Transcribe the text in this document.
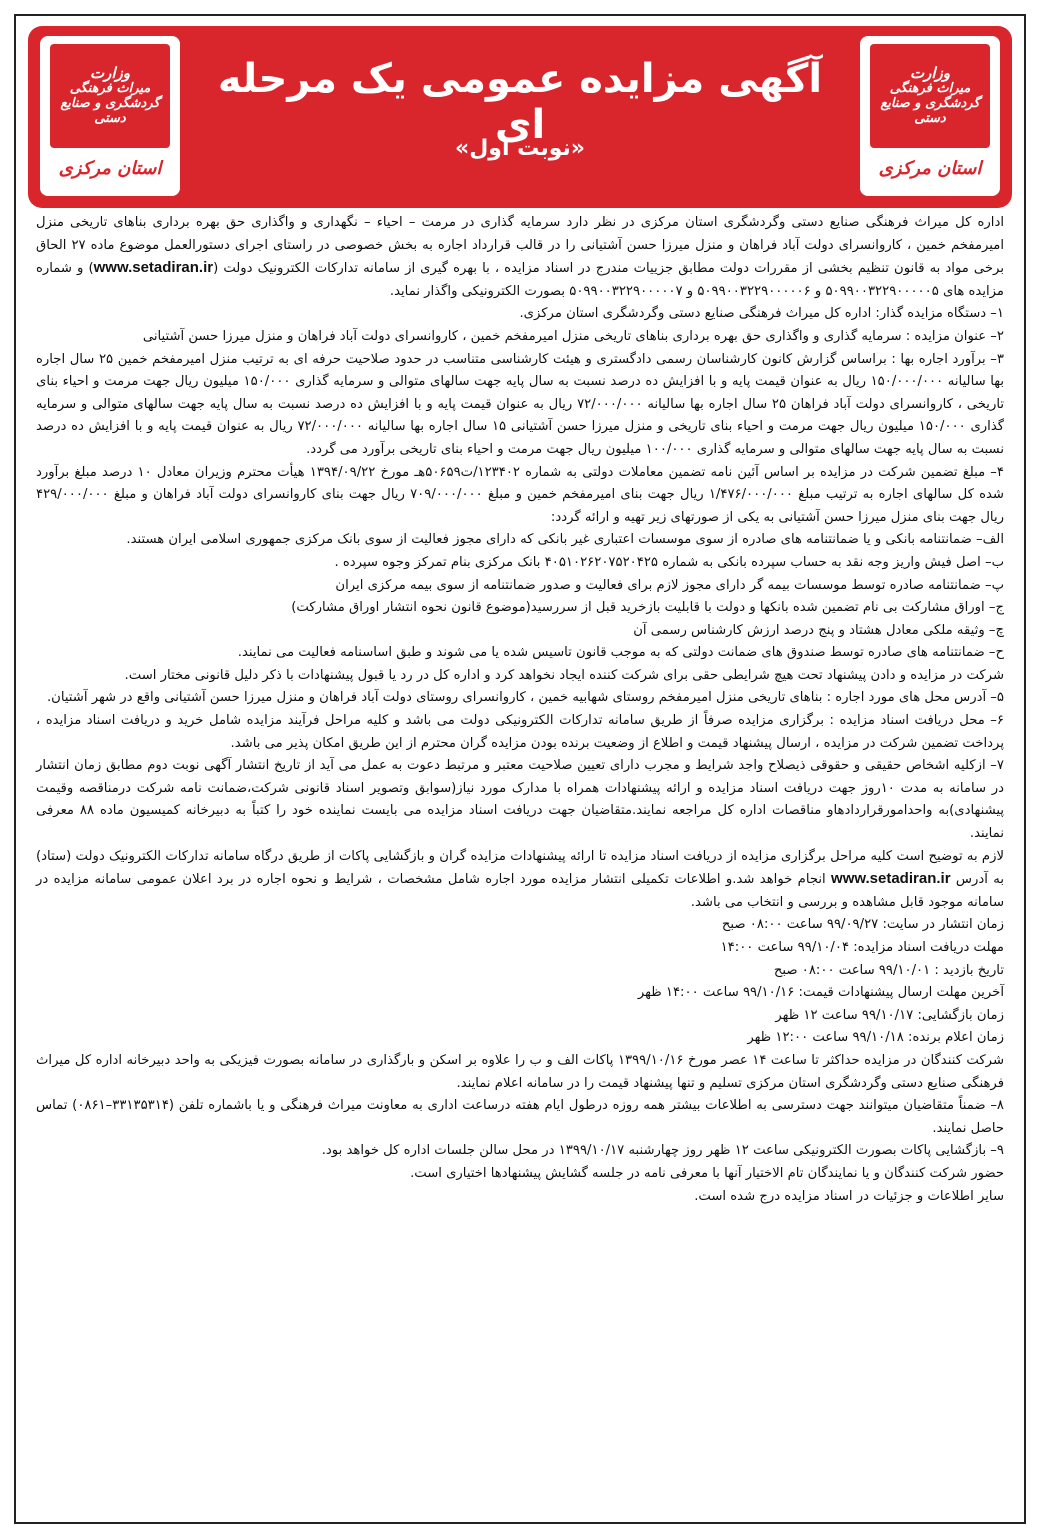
وزارت
میراث فرهنگی
گردشگری و صنایع دستی
استان مرکزی
آگهی مزایده عمومی یک مرحله ای
«نوبت اول»
وزارت
میراث فرهنگی
گردشگری و صنایع دستی
استان مرکزی

اداره کل میراث فرهنگی صنایع دستی وگردشگری استان مرکزی در نظر دارد سرمایه گذاری در مرمت – احیاء – نگهداری و واگذاری حق بهره برداری بناهای تاریخی منزل امیرمفخم خمین ، کاروانسرای دولت آباد فراهان و منزل میرزا حسن آشتیانی را در قالب قرارداد اجاره به بخش خصوصی در راستای اجرای دستورالعمل موضوع ماده ۲۷ الحاق برخی مواد به قانون تنظیم بخشی از مقررات دولت مطابق جزییات مندرج در اسناد مزایده ، با بهره گیری از سامانه تدارکات الکترونیک دولت (www.setadiran.ir) و شماره مزایده های ۵۰۹۹۰۰۳۲۲۹۰۰۰۰۰۵ و ۵۰۹۹۰۰۳۲۲۹۰۰۰۰۰۶ و ۵۰۹۹۰۰۳۲۲۹۰۰۰۰۰۷ بصورت الکترونیکی واگذار نمايد.

۱– دستگاه مزایده گذار: اداره کل میراث فرهنگی صنایع دستی وگردشگری استان مرکزی.

۲– عنوان مزایده : سرمایه گذاری و واگذاری حق بهره برداری بناهای تاریخی منزل امیرمفخم خمین ، کاروانسرای دولت آباد فراهان و منزل میرزا حسن آشتیانی

۳– برآورد اجاره بها : براساس گزارش کانون کارشناسان رسمی دادگستری و هیئت کارشناسی متناسب در حدود صلاحیت حرفه ای به ترتیب منزل امیرمفخم خمین ۲۵ سال اجاره بها سالیانه ۱۵۰/۰۰۰/۰۰۰ ریال به عنوان قیمت پایه و با افزایش ده درصد نسبت به سال پایه جهت سالهای متوالی و سرمایه گذاری ۱۵۰/۰۰۰ میلیون ریال جهت مرمت و احیاء بنای تاریخی ، کاروانسرای دولت آباد فراهان ۲۵ سال اجاره بها سالیانه ۷۲/۰۰۰/۰۰۰ ریال به عنوان قیمت پایه و با افزایش ده درصد نسبت به سال پایه جهت سالهای متوالی و سرمایه گذاری ۱۵۰/۰۰۰ میلیون ریال جهت مرمت و احیاء بنای تاریخی و منزل میرزا حسن آشتیانی ۱۵ سال اجاره بها سالیانه ۷۲/۰۰۰/۰۰۰ ریال به عنوان قیمت پایه و با افزایش ده درصد نسبت به سال پایه جهت سالهای متوالی و سرمایه گذاری ۱۰۰/۰۰۰ میلیون ریال جهت مرمت و احیاء بنای تاریخی برآورد می گردد.

۴– مبلغ تضمین شرکت در مزایده بر اساس آئین نامه تضمین معاملات دولتی به شماره ۱۲۳۴۰۲/ت۵۰۶۵۹هـ مورخ ۱۳۹۴/۰۹/۲۲ هیأت محترم وزیران معادل ۱۰ درصد مبلغ برآورد شده کل سالهای اجاره به ترتیب مبلغ ۱/۴۷۶/۰۰۰/۰۰۰ ریال جهت بنای امیرمفخم خمین و مبلغ ۷۰۹/۰۰۰/۰۰۰ ریال جهت بنای کاروانسرای دولت آباد فراهان و مبلغ ۴۲۹/۰۰۰/۰۰۰ ریال جهت بنای منزل میرزا حسن آشتیانی به یکی از صورتهای زیر تهیه و ارائه گردد:

الف– ضمانتنامه بانکی و یا ضمانتنامه های صادره از سوی موسسات اعتباری غیر بانکی که دارای مجوز فعالیت از سوی بانک مرکزی جمهوری اسلامی ایران هستند.

ب– اصل فیش واریز وجه نقد به حساب سپرده بانکی به شماره ۴۰۵۱۰۲۶۲۰۷۵۲۰۴۲۵ بانک مرکزی بنام تمرکز وجوه سپرده .

پ– ضمانتنامه صادره توسط موسسات بیمه گر دارای مجوز لازم برای فعالیت و صدور ضمانتنامه از سوی بیمه مرکزی ایران

ج– اوراق مشارکت بی نام تضمین شده بانکها و دولت با قابلیت بازخرید قبل از سررسید(موضوع قانون نحوه انتشار اوراق مشارکت)

چ– وثیقه ملکی معادل هشتاد و پنج درصد ارزش کارشناس رسمی آن

ح– ضمانتنامه های صادره توسط صندوق های ضمانت دولتی که به موجب قانون تاسیس شده یا می شوند و طبق اساسنامه فعالیت می نمایند.

شرکت در مزایده و دادن پیشنهاد تحت هیچ شرایطی حقی برای شرکت کننده ایجاد نخواهد کرد و اداره کل در رد یا قبول پیشنهادات با ذکر دلیل قانونی مختار است.

۵– آدرس محل های مورد اجاره : بناهای تاریخی منزل امیرمفخم روستای شهابیه خمین ، کاروانسرای روستای دولت آباد فراهان و منزل میرزا حسن آشتیانی واقع در شهر آشتیان.

۶– محل دریافت اسناد مزایده : برگزاری مزایده صرفاً از طریق سامانه تدارکات الکترونیکی دولت می باشد و کلیه مراحل فرآیند مزایده شامل خرید و دریافت اسناد مزایده ، پرداخت تضمین شرکت در مزایده ، ارسال پیشنهاد قیمت و اطلاع از وضعیت برنده بودن مزایده گران محترم از این طریق امکان پذیر می باشد.

۷– ازکلیه اشخاص حقیقی و حقوقی ذیصلاح واجد شرایط و مجرب دارای تعیین صلاحیت معتبر و مرتبط دعوت به عمل می آید از تاریخ انتشار آگهی نوبت دوم مطابق زمان انتشار در سامانه به مدت ۱۰روز جهت دریافت اسناد مزایده و ارائه پیشنهادات همراه با مدارک مورد نیاز(سوابق وتصویر اسناد قانونی شرکت،ضمانت نامه شرکت درمناقصه وقیمت پیشنهادی)به واحدامورقراردادهاو مناقصات اداره کل مراجعه نمایند.متقاضیان جهت دریافت اسناد مزایده می بایست نماینده خود را کتباً به دبیرخانه کمیسیون ماده ۸۸ معرفی نمایند.

لازم به توضیح است کلیه مراحل برگزاری مزایده از دریافت اسناد مزایده تا ارائه پیشنهادات مزایده گران و بازگشایی پاکات از طریق درگاه سامانه تدارکات الکترونیک دولت (ستاد) به آدرس www.setadiran.ir انجام خواهد شد.و اطلاعات تکمیلی انتشار مزایده مورد اجاره شامل مشخصات ، شرایط و نحوه اجاره در برد اعلان عمومی سامانه مزایده در سامانه موجود قابل مشاهده و بررسی و انتخاب می باشد.

زمان انتشار در سایت: ۹۹/۰۹/۲۷ ساعت ۰۸:۰۰ صبح

مهلت دریافت اسناد مزایده: ۹۹/۱۰/۰۴ ساعت ۱۴:۰۰

تاریخ بازدید : ۹۹/۱۰/۰۱ ساعت ۰۸:۰۰ صبح

آخرین مهلت ارسال پیشنهادات قیمت: ۹۹/۱۰/۱۶ ساعت ۱۴:۰۰ ظهر

زمان بازگشایی: ۹۹/۱۰/۱۷ ساعت ۱۲ ظهر

زمان اعلام برنده: ۹۹/۱۰/۱۸ ساعت ۱۲:۰۰ ظهر

شرکت کنندگان در مزایده حداکثر تا ساعت ۱۴ عصر مورخ ۱۳۹۹/۱۰/۱۶ پاکات الف و ب را علاوه بر اسکن و بارگذاری در سامانه بصورت فیزیکی به واحد دبیرخانه اداره کل میراث فرهنگی صنایع دستی وگردشگری استان مرکزی تسلیم و تنها پیشنهاد قیمت را در سامانه اعلام نمایند.

۸– ضمناً متقاضیان میتوانند جهت دسترسی به اطلاعات بیشتر همه روزه درطول ایام هفته درساعت اداری به معاونت میراث فرهنگی و یا باشماره تلفن (۳۳۱۳۵۳۱۴–۰۸۶۱) تماس حاصل نمایند.

۹– بازگشایی پاکات بصورت الکترونیکی ساعت ۱۲ ظهر روز چهارشنبه ۱۳۹۹/۱۰/۱۷ در محل سالن جلسات اداره کل خواهد بود.

حضور شرکت کنندگان و یا نمایندگان تام الاختیار آنها با معرفی نامه در جلسه گشایش پیشنهادها اختیاری است.

سایر اطلاعات و جزئیات در اسناد مزایده درج شده است.
